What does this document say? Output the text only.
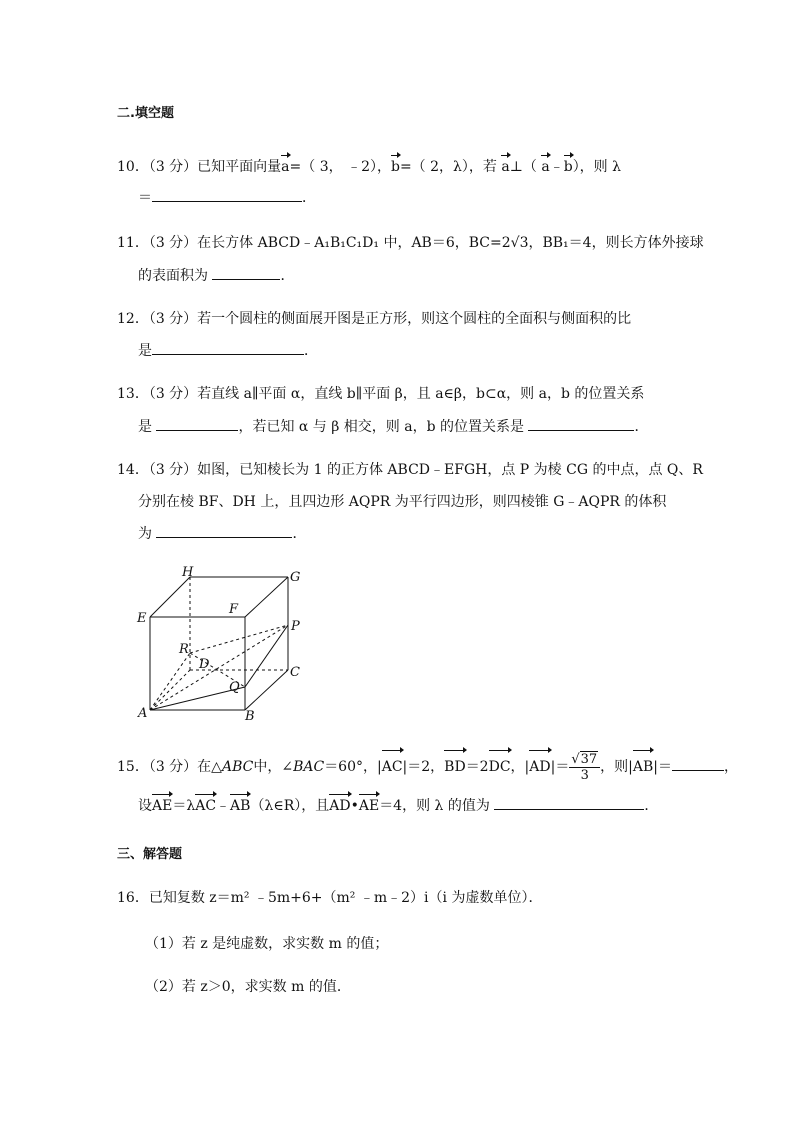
二.填空题
10．（3 分）已知平面向量a=（ 3， ﹣2），b=（ 2，λ），若 a⊥（ a﹣b），则 λ
＝	．
11．（3 分）在长方体 ABCD﹣A₁B₁C₁D₁ 中，AB＝6，BC=2√3，BB₁＝4，则长方体外接球
的表面积为	．
12．（3 分）若一个圆柱的侧面展开图是正方形，则这个圆柱的全面积与侧面积的比
是	．
13．（3 分）若直线 a∥平面 α，直线 b∥平面 β，且 a∈β，b⊂α，则 a，b 的位置关系
是	，若已知 α 与 β 相交，则 a，b 的位置关系是	．
14．（3 分）如图，已知棱长为 1 的正方体 ABCD﹣EFGH，点 P 为棱 CG 的中点，点 Q、R
分别在棱 BF、DH 上，且四边形 AQPR 为平行四边形，则四棱锥 G﹣AQPR 的体积
为	．
H	G
E
F
P
R
D
C
Q
A	B
15．（3 分）在△ABC中，∠BAC＝60°，|AC|＝2，BD＝2DC，$|AD|= \frac{√37}{3}$ ，则|AB|＝	，
设AE＝λAC﹣AB（λ∈R），且AD•AE＝4，则 λ 的值为	．
三、解答题
16．已知复数 z＝m² ﹣5m+6+（m² ﹣m﹣2）i（i 为虚数单位）．
（1）若 z 是纯虚数，求实数 m 的值；
（2）若 z＞0，求实数 m 的值．
